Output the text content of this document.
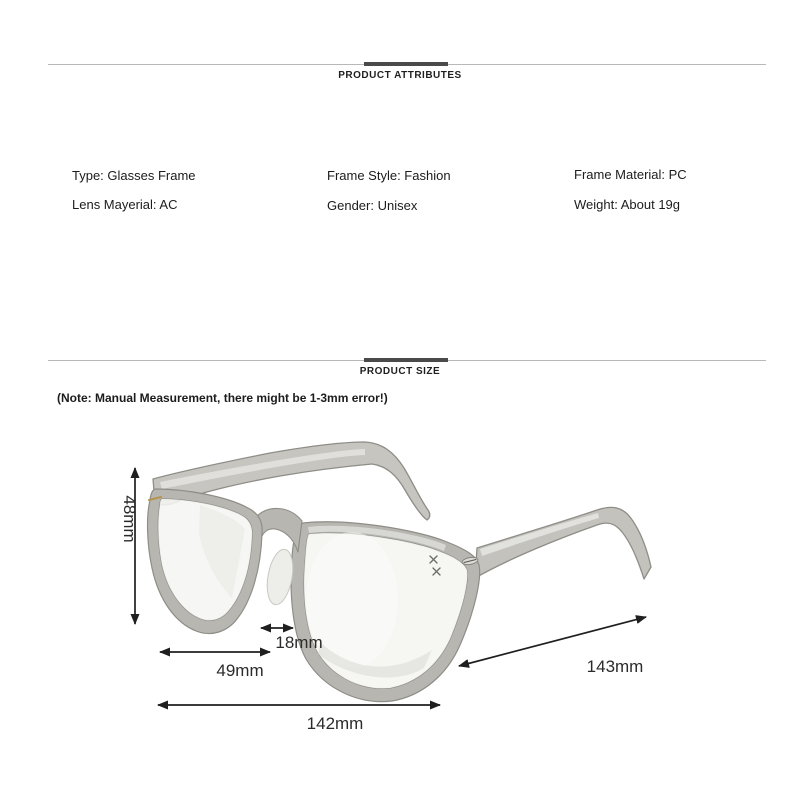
PRODUCT ATTRIBUTES
Type: Glasses Frame	Frame Style: Fashion	Frame Material: PC
Lens Mayerial: AC	Gender: Unisex	Weight: About 19g
PRODUCT SIZE
(Note: Manual Measurement, there might be 1-3mm error!)
48mm
18mm
49mm
142mm
143mm
